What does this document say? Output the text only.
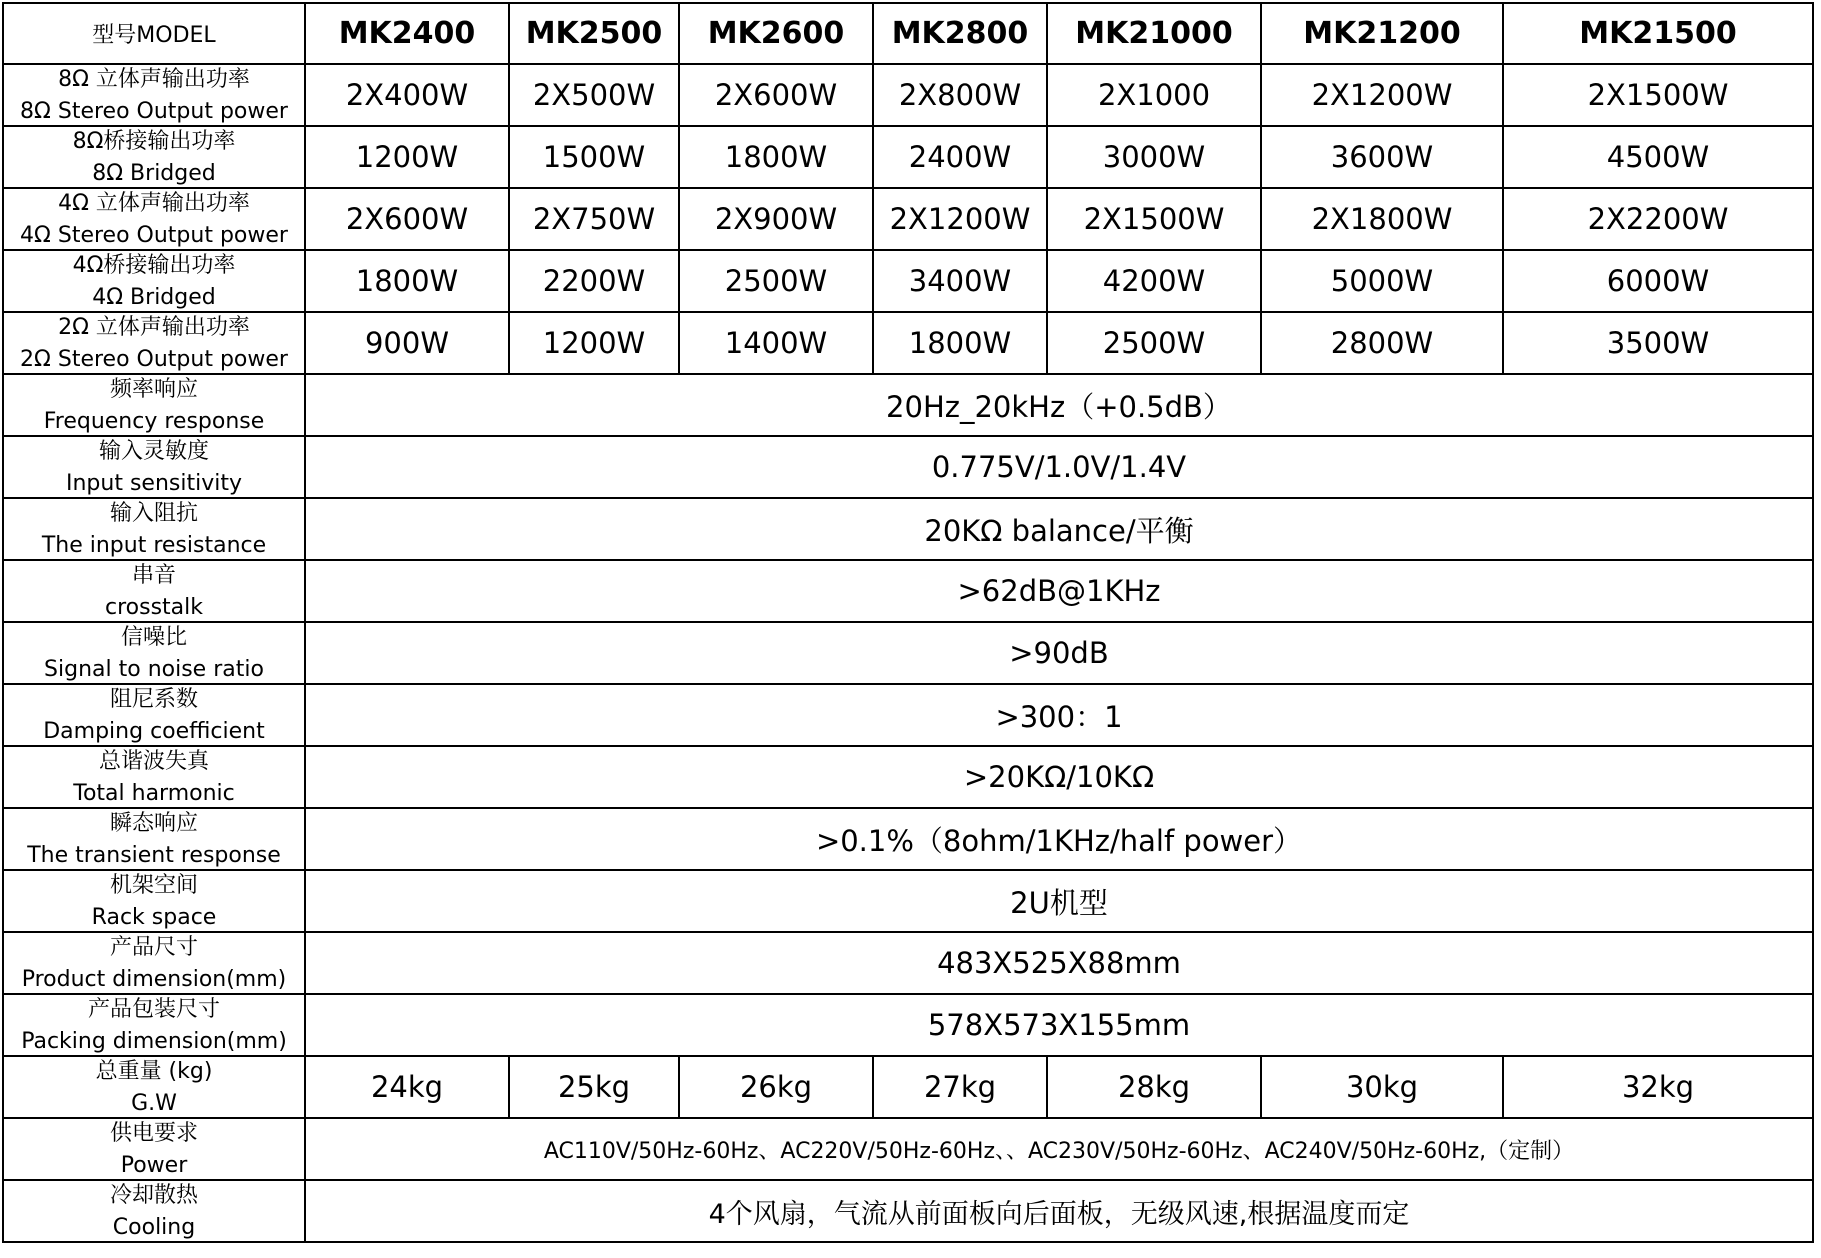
型号MODEL	MK2400	MK2500	MK2600	MK2800	MK21000	MK21200	MK21500

8Ω 立体声输出功率
8Ω Stereo Output power	2X400W	2X500W	2X600W	2X800W	2X1000	2X1200W	2X1500W

8Ω桥接输出功率
8Ω Bridged	1200W	1500W	1800W	2400W	3000W	3600W	4500W

4Ω 立体声输出功率
4Ω Stereo Output power	2X600W	2X750W	2X900W	2X1200W	2X1500W	2X1800W	2X2200W

4Ω桥接输出功率
4Ω Bridged	1800W	2200W	2500W	3400W	4200W	5000W	6000W

2Ω 立体声输出功率
2Ω Stereo Output power	900W	1200W	1400W	1800W	2500W	2800W	3500W

频率响应
Frequency response	20Hz_20kHz（+0.5dB）						

输入灵敏度
Input sensitivity	0.775V/1.0V/1.4V						

输入阻抗
The input resistance	20KΩ balance/平衡						

串音
crosstalk	>62dB@1KHz						

信噪比
Signal to noise ratio	>90dB						

阻尼系数
Damping coefficient	>300：1						

总谐波失真
Total harmonic	>20KΩ/10KΩ						

瞬态响应
The transient response	>0.1%（8ohm/1KHz/half power）						

机架空间
Rack space	2U机型						

产品尺寸
Product dimension(mm)	483X525X88mm						

产品包装尺寸
Packing dimension(mm)	578X573X155mm						

总重量 (kg)
G.W	24kg	25kg	26kg	27kg	28kg	30kg	32kg

供电要求
Power	AC110V/50Hz-60Hz、AC220V/50Hz-60Hz、、AC230V/50Hz-60Hz、AC240V/50Hz-60Hz,（定制）						

冷却散热
Cooling	4个风扇，气流从前面板向后面板，无级风速,根据温度而定						
